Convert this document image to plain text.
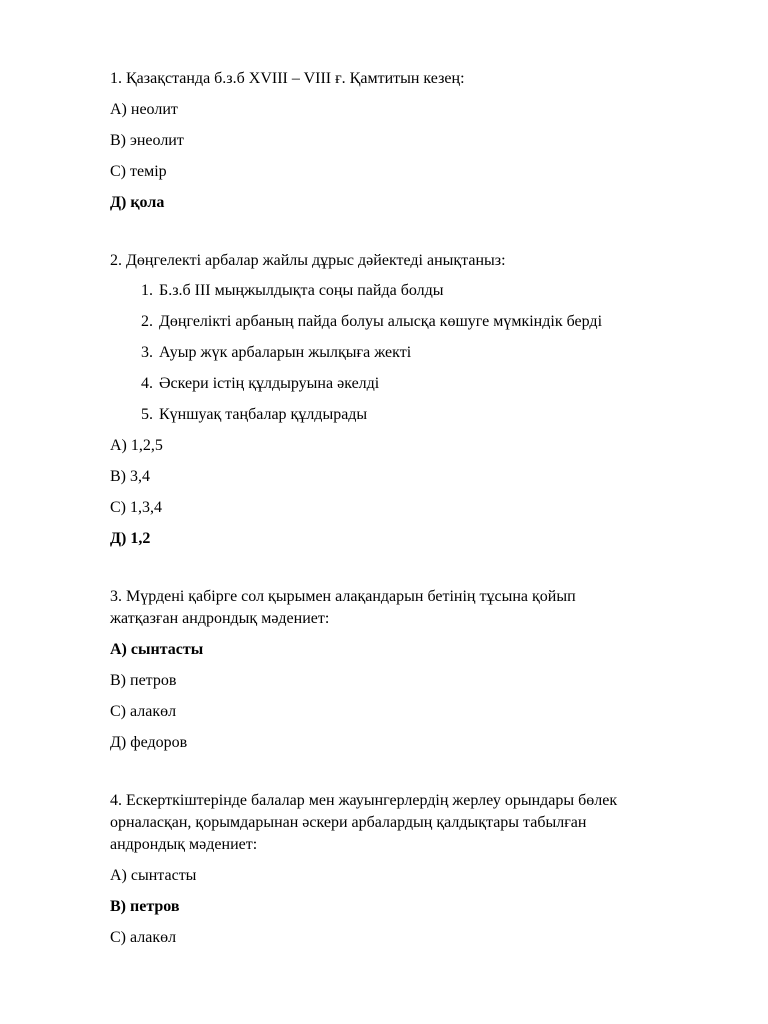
1. Қазақстанда б.з.б XVIII – VIII ғ. Қамтитын кезең:

А) неолит

В) энеолит

С) темір

Д) қола

2. Дөңгелекті арбалар жайлы дұрыс дәйектеді анықтаныз:

1. Б.з.б III мыңжылдықта соңы пайда болды
2. Дөңгелікті арбаның пайда болуы алысқа көшуге мүмкіндік берді
3. Ауыр жүк арбаларын жылқыға жекті
4. Әскери істің құлдыруына әкелді
5. Күншуақ таңбалар құлдырады

А) 1,2,5

В) 3,4

С) 1,3,4

Д) 1,2

3. Мүрдені қабірге сол қырымен алақандарын бетінің тұсына қойып
жатқазған андрондық мәдениет:

А) сынтасты

В) петров

С) алакөл

Д) федоров

4. Ескерткіштерінде балалар мен жауынгерлердің жерлеу орындары бөлек
орналасқан, қорымдарынан әскери арбалардың қалдықтары табылған
андрондық мәдениет:

А) сынтасты

В) петров

С) алакөл
